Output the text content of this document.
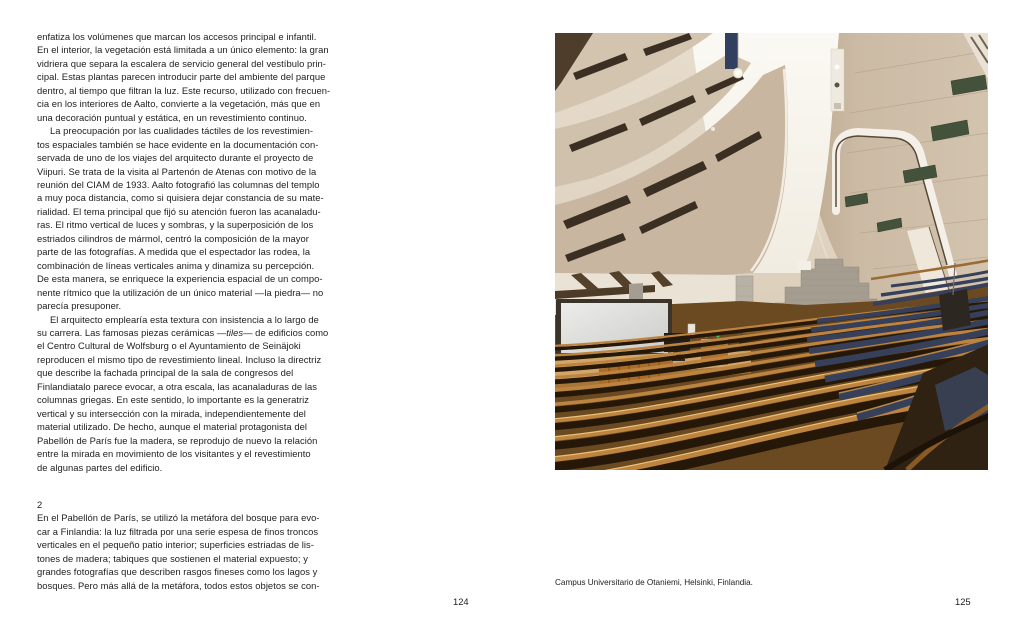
enfatiza los volúmenes que marcan los accesos principal e infantil.
En el interior, la vegetación está limitada a un único elemento: la gran
vidriera que separa la escalera de servicio general del vestíbulo prin-
cipal. Estas plantas parecen introducir parte del ambiente del parque
dentro, al tiempo que filtran la luz. Este recurso, utilizado con frecuen-
cia en los interiores de Aalto, convierte a la vegetación, más que en
una decoración puntual y estática, en un revestimiento continuo.
La preocupación por las cualidades táctiles de los revestimien-
tos espaciales también se hace evidente en la documentación con-
servada de uno de los viajes del arquitecto durante el proyecto de
Viipuri. Se trata de la visita al Partenón de Atenas con motivo de la
reunión del CIAM de 1933. Aalto fotografió las columnas del templo
a muy poca distancia, como si quisiera dejar constancia de su mate-
rialidad. El tema principal que fijó su atención fueron las acanaladu-
ras. El ritmo vertical de luces y sombras, y la superposición de los
estriados cilindros de mármol, centró la composición de la mayor
parte de las fotografías. A medida que el espectador las rodea, la
combinación de líneas verticales anima y dinamiza su percepción.
De esta manera, se enriquece la experiencia espacial de un compo-
nente rítmico que la utilización de un único material —la piedra— no
parecía presuponer.
El arquitecto emplearía esta textura con insistencia a lo largo de
su carrera. Las famosas piezas cerámicas —tiles— de edificios como
el Centro Cultural de Wolfsburg o el Ayuntamiento de Seinäjoki
reproducen el mismo tipo de revestimiento lineal. Incluso la directriz
que describe la fachada principal de la sala de congresos del
Finlandiatalo parece evocar, a otra escala, las acanaladuras de las
columnas griegas. En este sentido, lo importante es la generatriz
vertical y su intersección con la mirada, independientemente del
material utilizado. De hecho, aunque el material protagonista del
Pabellón de París fue la madera, se reprodujo de nuevo la relación
entre la mirada en movimiento de los visitantes y el revestimiento
de algunas partes del edificio.
2
En el Pabellón de París, se utilizó la metáfora del bosque para evo-
car a Finlandia: la luz filtrada por una serie espesa de finos troncos
verticales en el pequeño patio interior; superficies estriadas de lis-
tones de madera; tabiques que sostienen el material expuesto; y
grandes fotografías que describen rasgos fineses como los lagos y
bosques. Pero más allá de la metáfora, todos estos objetos se con-	Campus Universitario de Otaniemi, Helsinki, Finlandia.
124	125
